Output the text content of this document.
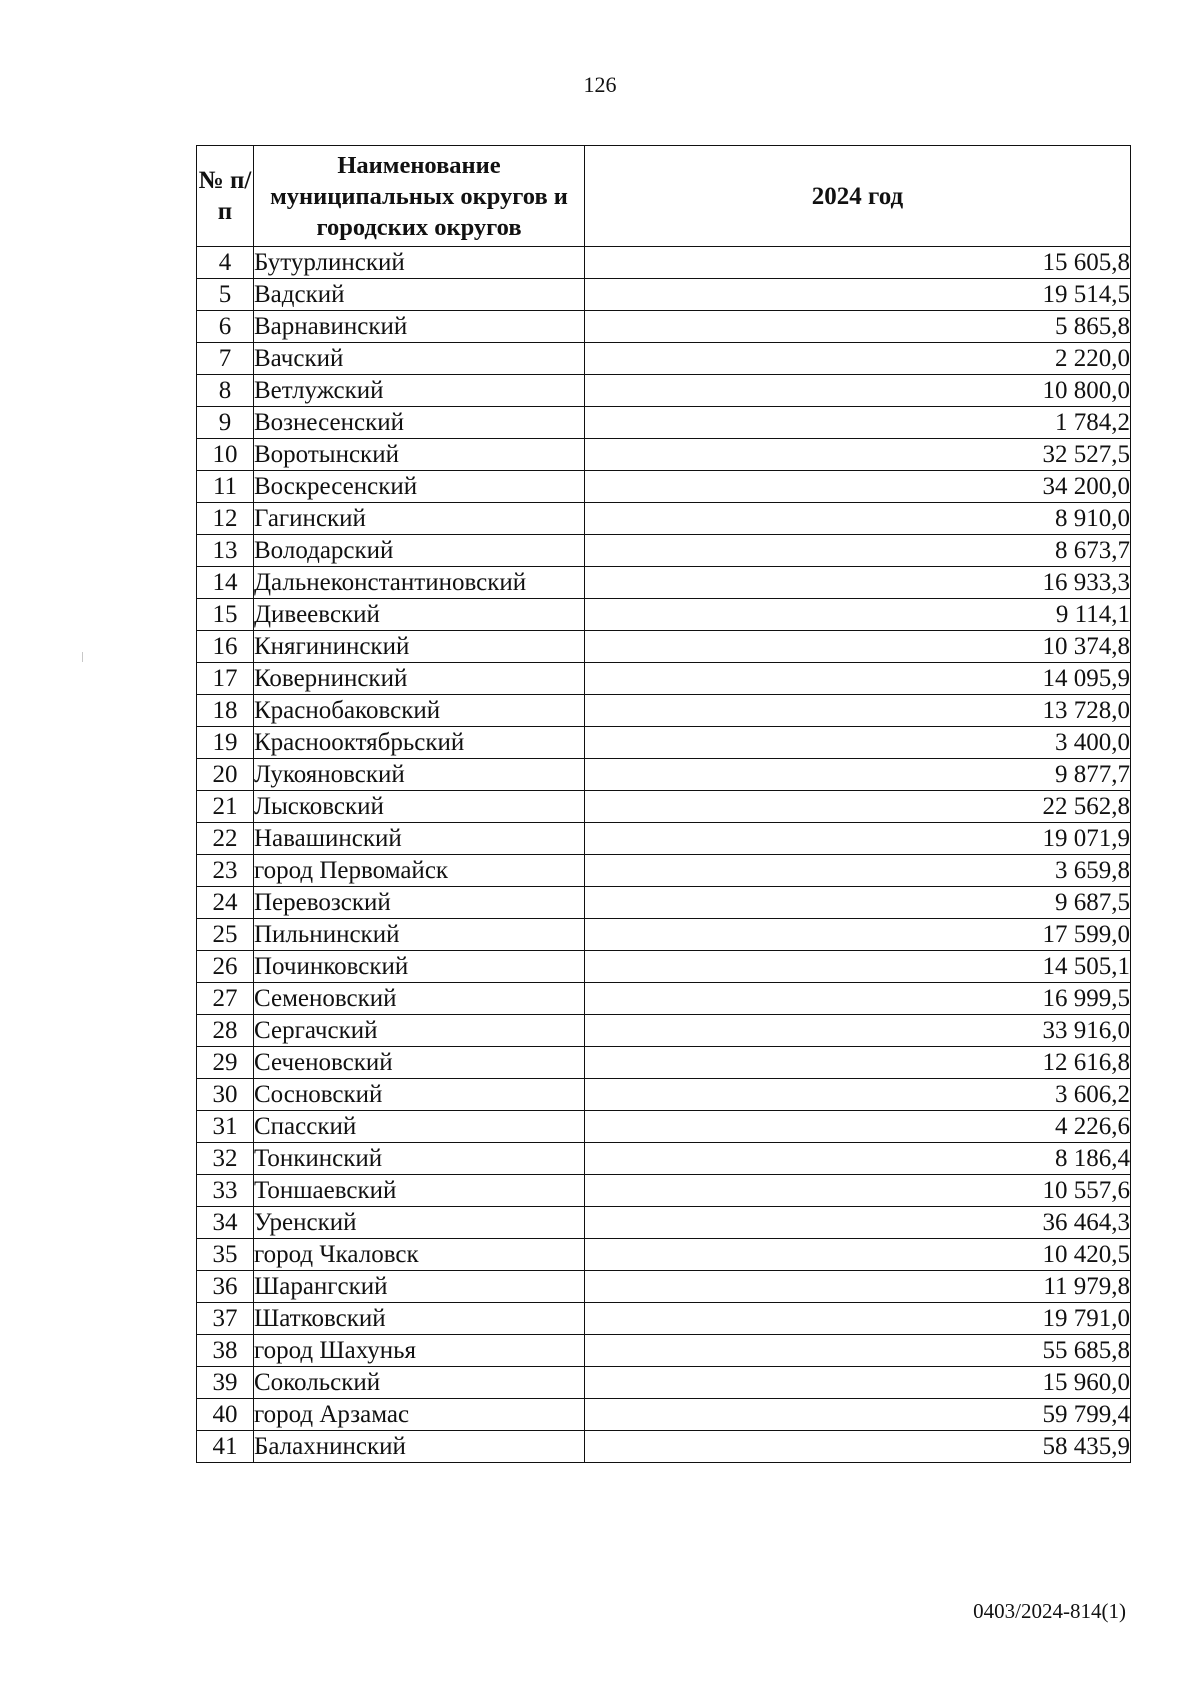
126
№ п/п	Наименование муниципальных округов и городских округов	2024 год
4	Бутурлинский	15 605,8
5	Вадский	19 514,5
6	Варнавинский	5 865,8
7	Вачский	2 220,0
8	Ветлужский	10 800,0
9	Вознесенский	1 784,2
10	Воротынский	32 527,5
11	Воскресенский	34 200,0
12	Гагинский	8 910,0
13	Володарский	8 673,7
14	Дальнеконстантиновский	16 933,3
15	Дивеевский	9 114,1
16	Княгининский	10 374,8
17	Ковернинский	14 095,9
18	Краснобаковский	13 728,0
19	Краснооктябрьский	3 400,0
20	Лукояновский	9 877,7
21	Лысковский	22 562,8
22	Навашинский	19 071,9
23	город Первомайск	3 659,8
24	Перевозский	9 687,5
25	Пильнинский	17 599,0
26	Починковский	14 505,1
27	Семеновский	16 999,5
28	Сергачский	33 916,0
29	Сеченовский	12 616,8
30	Сосновский	3 606,2
31	Спасский	4 226,6
32	Тонкинский	8 186,4
33	Тоншаевский	10 557,6
34	Уренский	36 464,3
35	город Чкаловск	10 420,5
36	Шарангский	11 979,8
37	Шатковский	19 791,0
38	город Шахунья	55 685,8
39	Сокольский	15 960,0
40	город Арзамас	59 799,4
41	Балахнинский	58 435,9
0403/2024-814(1)
